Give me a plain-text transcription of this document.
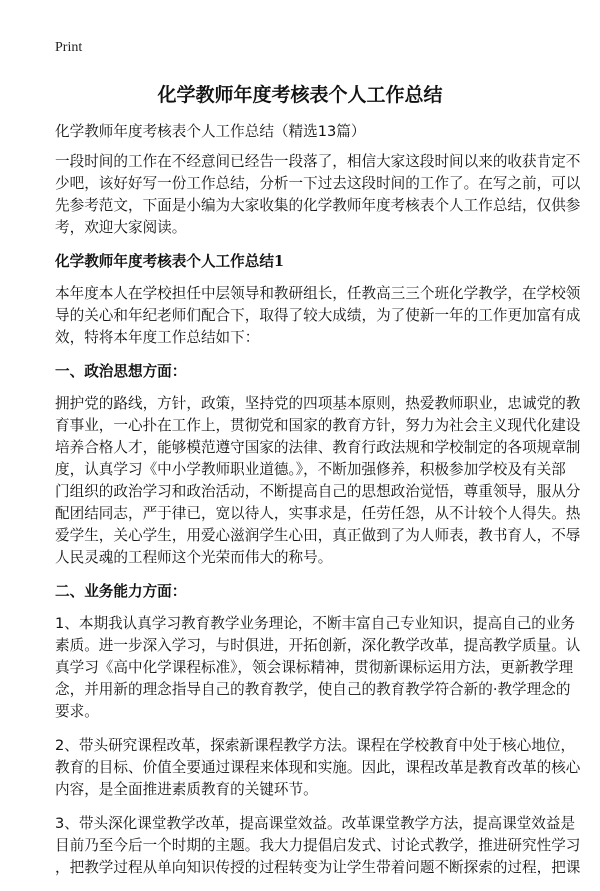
Print
化学教师年度考核表个人工作总结
化学教师年度考核表个人工作总结（精选13篇）
一段时间的工作在不经意间已经告一段落了，相信大家这段时间以来的收获肯定不
少吧，该好好写一份工作总结，分析一下过去这段时间的工作了。在写之前，可以
先参考范文，下面是小编为大家收集的化学教师年度考核表个人工作总结，仅供参
考，欢迎大家阅读。
化学教师年度考核表个人工作总结1
本年度本人在学校担任中层领导和教研组长，任教高三三个班化学教学，在学校领
导的关心和年纪老师们配合下，取得了较大成绩，为了使新一年的工作更加富有成
效，特将本年度工作总结如下：
一、政治思想方面：
拥护党的路线，方针，政策，坚持党的四项基本原则，热爱教师职业，忠诚党的教
育事业，一心扑在工作上，贯彻党和国家的教育方针，努力为社会主义现代化建设
培养合格人才，能够模范遵守国家的法律、教育行政法规和学校制定的各项规章制
度，认真学习《中小学教师职业道德。》，不断加强修养，积极参加学校及有关部
门组织的政治学习和政治活动，不断提高自己的思想政治觉悟，尊重领导，服从分
配团结同志，严于律已，宽以待人，实事求是，任劳任怨，从不计较个人得失。热
爱学生，关心学生，用爱心滋润学生心田，真正做到了为人师表，教书育人，不辱
人民灵魂的工程师这个光荣而伟大的称号。
二、业务能力方面：
1、本期我认真学习教育教学业务理论，不断丰富自己专业知识，提高自己的业务
素质。进一步深入学习，与时俱进，开拓创新，深化教学改革，提高教学质量。认
真学习《高中化学课程标准》，领会课标精神，贯彻新课标运用方法，更新教学理
念，并用新的理念指导自己的教育教学，使自己的教育教学符合新的·教学理念的
要求。
2、带头研究课程改革，探索新课程教学方法。课程在学校教育中处于核心地位，
教育的目标、价值全要通过课程来体现和实施。因此，课程改革是教育改革的核心
内容，是全面推进素质教育的关键环节。
3、带头深化课堂教学改革，提高课堂效益。改革课堂教学方法，提高课堂效益是
目前乃至今后一个时期的主题。我大力提倡启发式、讨论式教学，推进研究性学习
，把教学过程从单向知识传授的过程转变为让学生带着问题不断探索的过程，把课
